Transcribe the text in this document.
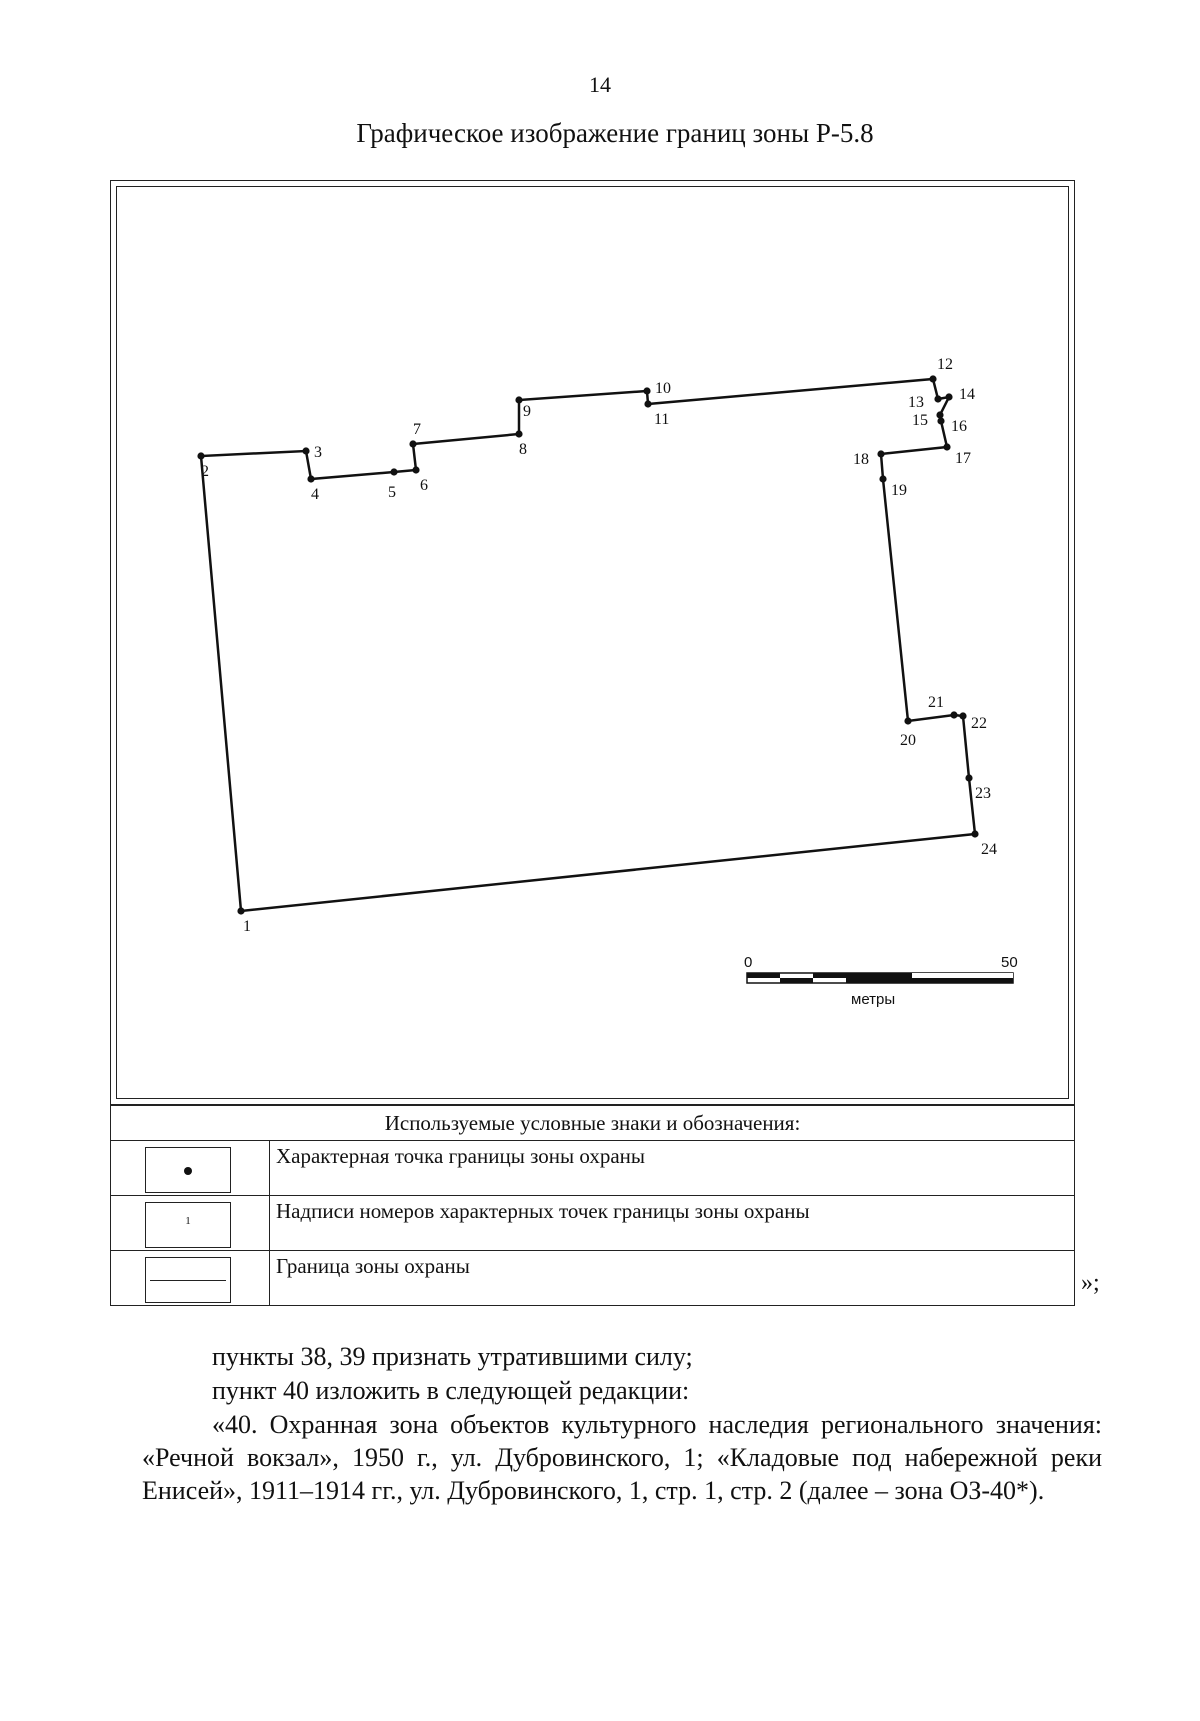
14
Графическое изображение границ зоны Р-5.8
1
2
3
4	5 6
7
8
9
10
11
12
13 14
15 16
17
18
19
20
21
22
23
24
0	50
метры
Используемые условные знаки и обозначения:	

	Характерная точка границы зоны охраны

1	Надписи номеров характерных точек границы зоны охраны

	Граница зоны охраны
»;
пункты 38, 39 признать утратившими силу;
пункт 40 изложить в следующей редакции:
«40. Охранная зона объектов культурного наследия регионального значения: «Речной вокзал», 1950 г., ул. Дубровинского, 1; «Кладовые под набережной реки Енисей», 1911–1914 гг., ул. Дубровинского, 1, стр. 1, стр. 2 (далее – зона ОЗ-40*).
